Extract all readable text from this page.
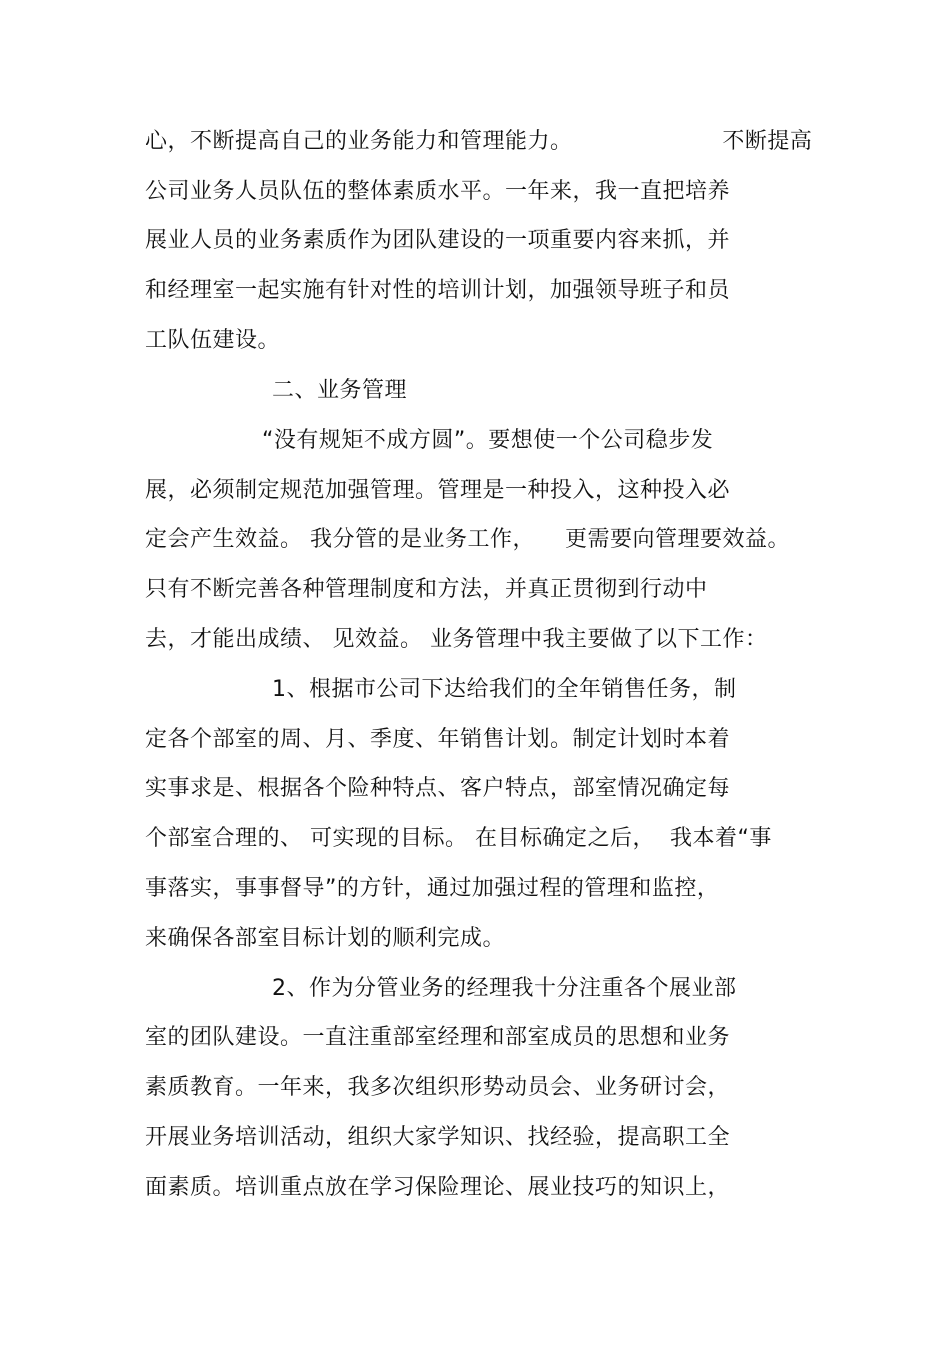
心，不断提高自己的业务能力和管理能力。                    不断提高
公司业务人员队伍的整体素质水平。一年来，我一直把培养
展业人员的业务素质作为团队建设的一项重要内容来抓，并
和经理室一起实施有针对性的培训计划，加强领导班子和员
工队伍建设。
二、业务管理
“没有规矩不成方圆”。要想使一个公司稳步发
展，必须制定规范加强管理。管理是一种投入，这种投入必
定会产生效益。 我分管的是业务工作，    更需要向管理要效益。
只有不断完善各种管理制度和方法，并真正贯彻到行动中
去，才能出成绩、 见效益。 业务管理中我主要做了以下工作：
1、根据市公司下达给我们的全年销售任务，制
定各个部室的周、月、季度、年销售计划。制定计划时本着
实事求是、根据各个险种特点、客户特点，部室情况确定每
个部室合理的、 可实现的目标。 在目标确定之后，  我本着“事
事落实，事事督导”的方针，通过加强过程的管理和监控，
来确保各部室目标计划的顺利完成。
2、作为分管业务的经理我十分注重各个展业部
室的团队建设。一直注重部室经理和部室成员的思想和业务
素质教育。一年来，我多次组织形势动员会、业务研讨会，
开展业务培训活动，组织大家学知识、找经验，提高职工全
面素质。培训重点放在学习保险理论、展业技巧的知识上，
